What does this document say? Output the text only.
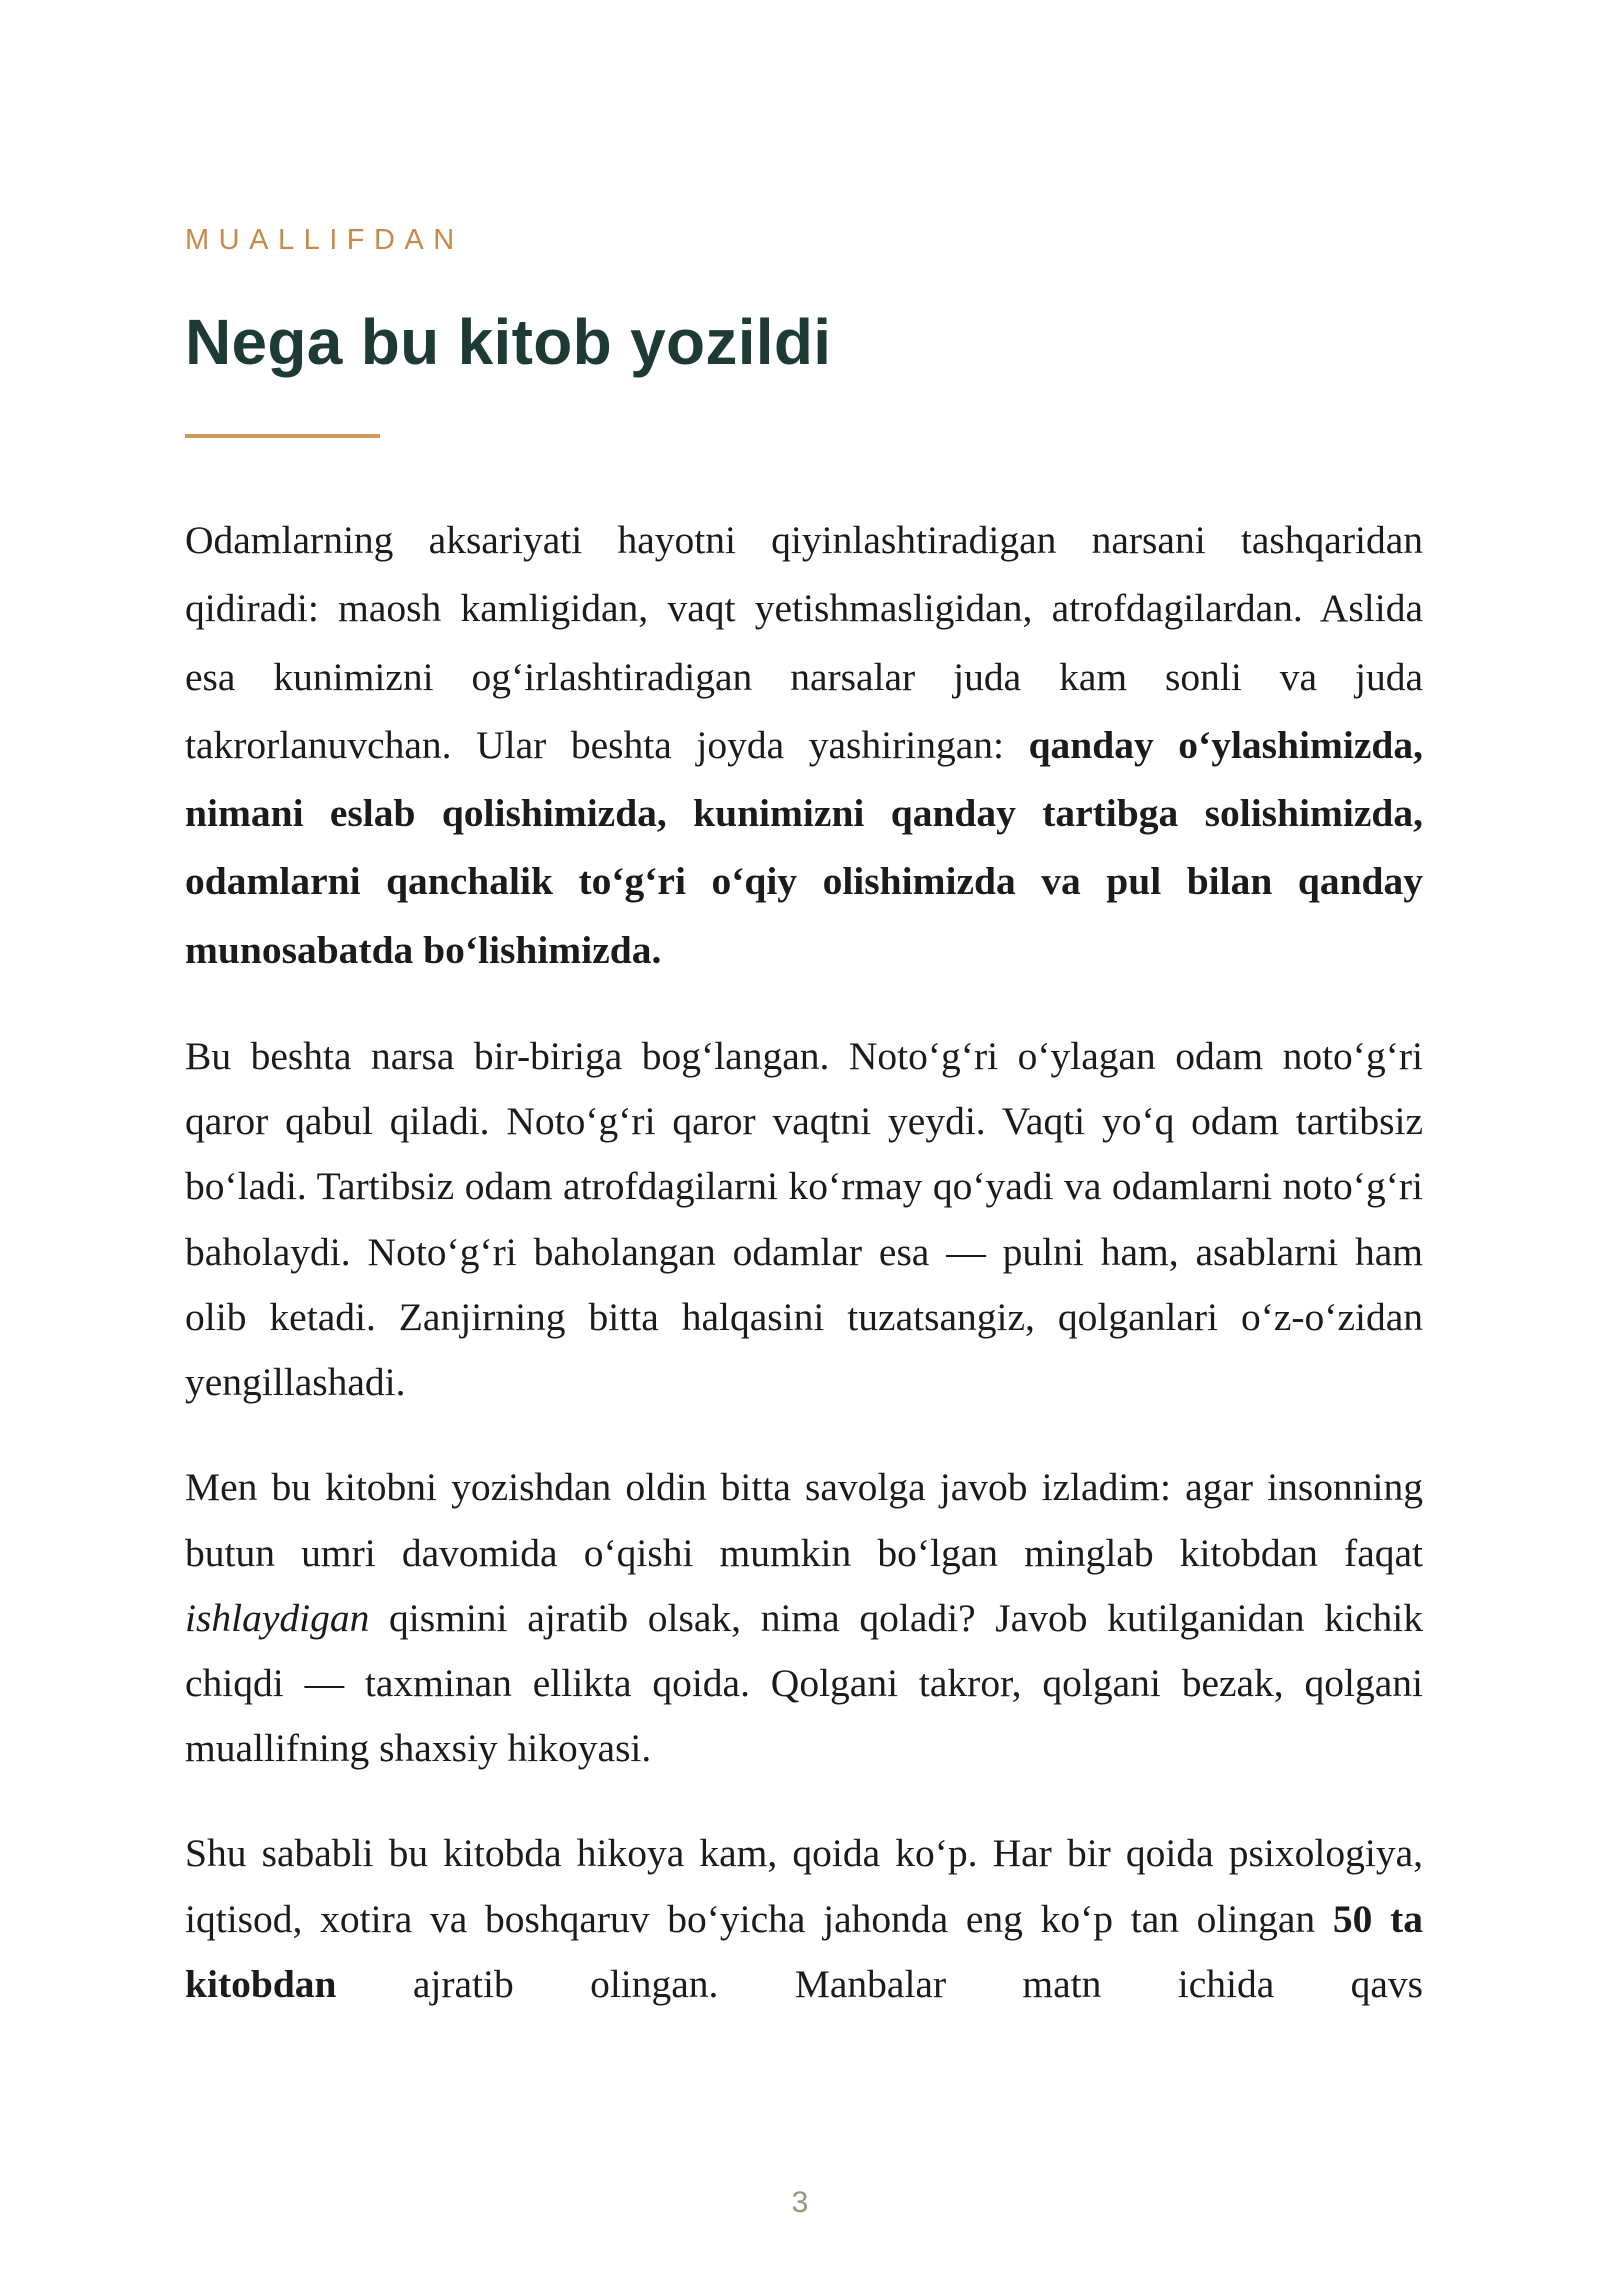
MUALLIFDAN
Nega bu kitob yozildi

Odamlarning aksariyati hayotni qiyinlashtiradigan narsani tashqaridan qidiradi: maosh kamligidan, vaqt yetishmasligidan, atrofdagilardan. Aslida esa kunimizni og‘irlashtiradigan narsalar juda kam sonli va juda takrorlanuvchan. Ular beshta joyda yashiringan: qanday o‘ylashimizda, nimani eslab qolishimizda, kunimizni qanday tartibga solishimizda, odamlarni qanchalik to‘g‘ri o‘qiy olishimizda va pul bilan qanday munosabatda bo‘lishimizda.

Bu beshta narsa bir-biriga bog‘langan. Noto‘g‘ri o‘ylagan odam noto‘g‘ri qaror qabul qiladi. Noto‘g‘ri qaror vaqtni yeydi. Vaqti yo‘q odam tartibsiz bo‘ladi. Tartibsiz odam atrofdagilarni ko‘rmay qo‘yadi va odamlarni noto‘g‘ri baholaydi. Noto‘g‘ri baholangan odamlar esa — pulni ham, asablarni ham olib ketadi. Zanjirning bitta halqasini tuzatsangiz, qolganlari o‘z-o‘zidan yengillashadi.

Men bu kitobni yozishdan oldin bitta savolga javob izladim: agar insonning butun umri davomida o‘qishi mumkin bo‘lgan minglab kitobdan faqat ishlaydigan qismini ajratib olsak, nima qoladi? Javob kutilganidan kichik chiqdi — taxminan ellikta qoida. Qolgani takror, qolgani bezak, qolgani muallifning shaxsiy hikoyasi.

Shu sababli bu kitobda hikoya kam, qoida ko‘p. Har bir qoida psixologiya, iqtisod, xotira va boshqaruv bo‘yicha jahonda eng ko‘p tan olingan 50 ta kitobdan ajratib olingan. Manbalar matn ichida qavs

3
